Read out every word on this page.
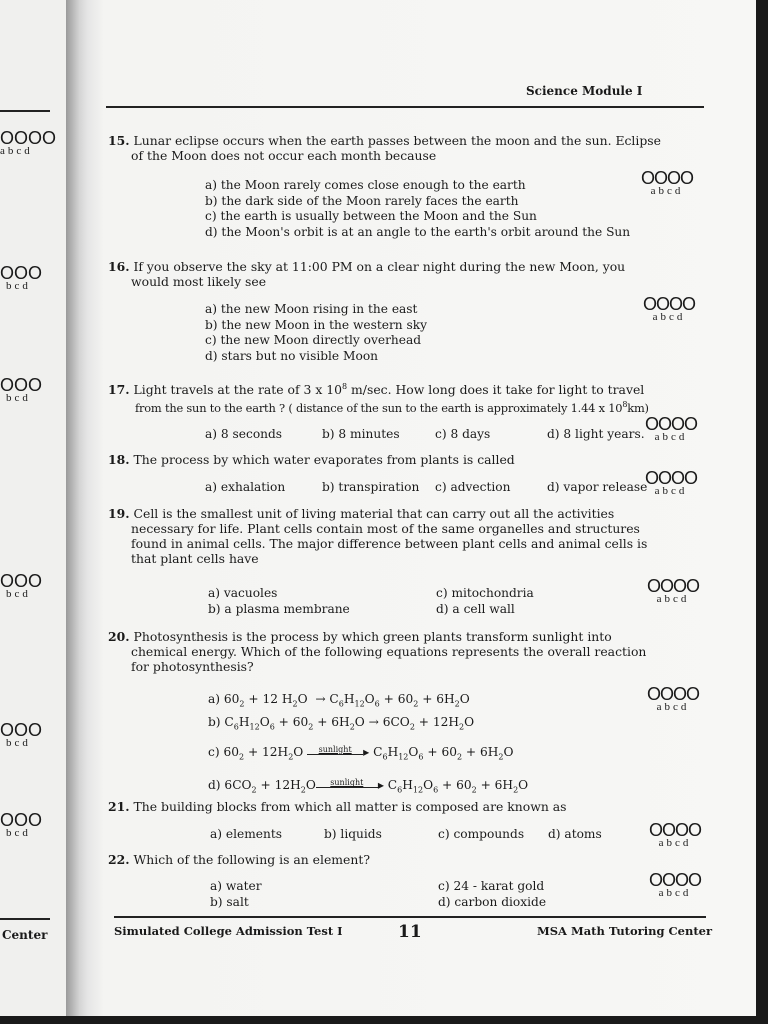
OOOO
abcd
OOO
bcd
OOO
bcd
OOO
bcd
OOO
bcd
OOO
bcd
Center
Science Module I
15. Lunar eclipse occurs when the earth passes between the moon and the sun. Eclipse of the Moon does not occur each month because
a) the Moon rarely comes close enough to the earth
b) the dark side of the Moon rarely faces the earth
c) the earth is usually between the Moon and the Sun
d) the Moon's orbit is at an angle to the earth's orbit around the Sun
OOOO
abcd
16. If you observe the sky at 11:00 PM on a clear night during the new Moon, you would most likely see
a) the new Moon rising in the east
b) the new Moon in the western sky
c) the new Moon directly overhead
d) stars but no visible Moon
OOOO
abcd
17. Light travels at the rate of 3 x $10^8$ m/sec. How long does it take for light to travel
from the sun to the earth ? ( distance of the sun to the earth is approximately 1.44 x $10^8km$)
a) 8 seconds	b) 8 minutes	c) 8 days	d) 8 light years. OOOO
abcd
18. The process by which water evaporates from plants is called
a) exhalation	b) transpiration c) advection	d) vapor release
OOOO
abcd
19. Cell is the smallest unit of living material that can carry out all the activities necessary for life. Plant cells contain most of the same organelles and structures found in animal cells. The major difference between plant cells and animal cells is that plant cells have
a) vacuoles
b) a plasma membrane
c) mitochondria
d) a cell wall
OOOO
abcd
20. Photosynthesis is the process by which green plants transform sunlight into chemical energy. Which of the following equations represents the overall reaction for photosynthesis?
a) $60_2 + 12$ $H_2O \to C_6H_{12}O_6 + 60_2 + 6H_2O$
b) $C_6H_{12}O_6 + 60_2 + 6H_2O \to 6CO_2 + 12H_2O$
c) $60_2 + 12H_2O$ sunlight ▸ $C_6H_{12}O_6 + 60_2 + 6H_2O$
d) $6CO_2 + 12H_2O$ sunlight ▸ $C_6H_{12}O_6 + 60_2 + 6H_2O$
OOOO
abcd
21. The building blocks from which all matter is composed are known as
a) elements	b) liquids	c) compounds d) atoms	OOOO
abcd
22. Which of the following is an element?
a) water
b) salt
c) 24 - karat gold
d) carbon dioxide
OOOO
abcd
Simulated College Admission Test I	11	MSA Math Tutoring Center
